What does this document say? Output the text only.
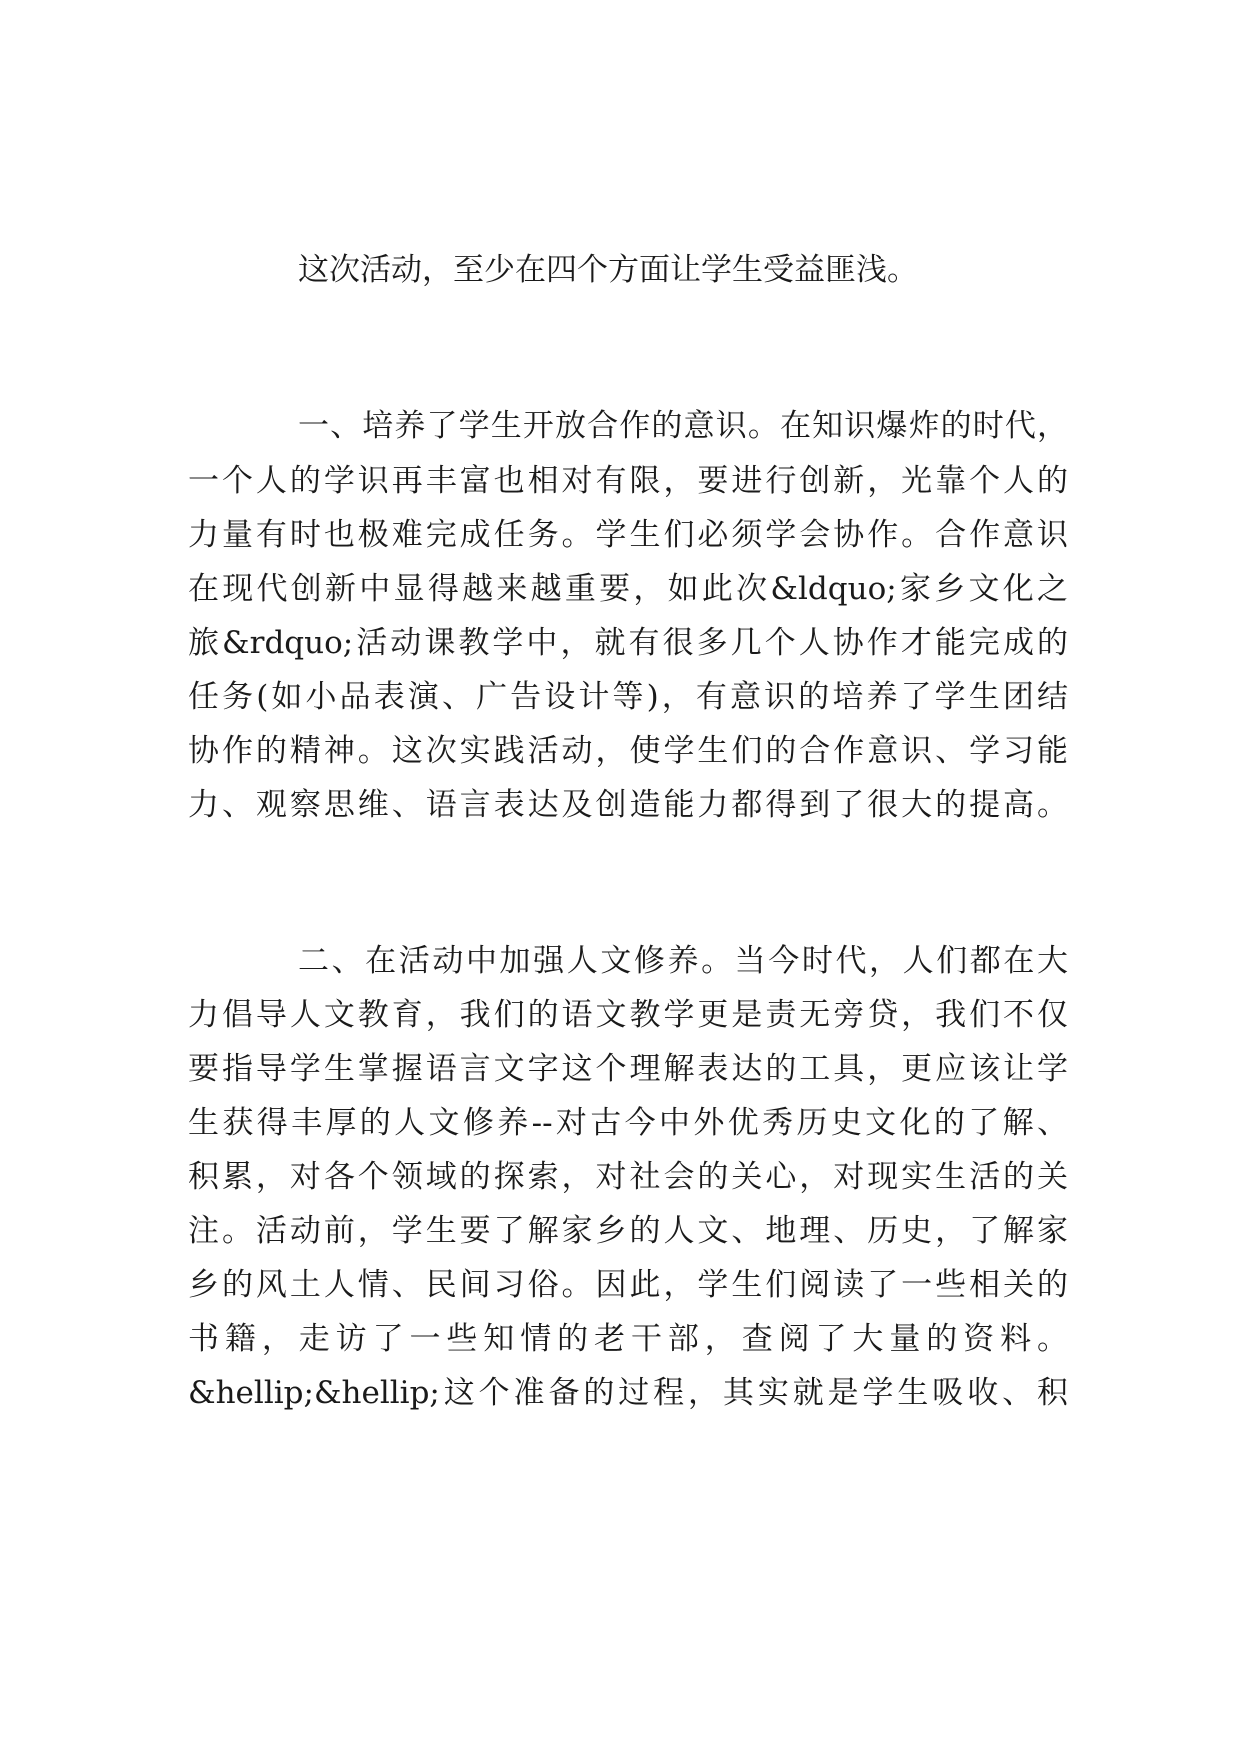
这次活动，至少在四个方面让学生受益匪浅。

一、培养了学生开放合作的意识。在知识爆炸的时代，

一个人的学识再丰富也相对有限，要进行创新，光靠个人的

力量有时也极难完成任务。学生们必须学会协作。合作意识

在现代创新中显得越来越重要，如此次&ldquo;家乡文化之

旅&rdquo;活动课教学中，就有很多几个人协作才能完成的

任务(如小品表演、广告设计等)，有意识的培养了学生团结

协作的精神。这次实践活动，使学生们的合作意识、学习能

力、观察思维、语言表达及创造能力都得到了很大的提高。

二、在活动中加强人文修养。当今时代，人们都在大

力倡导人文教育，我们的语文教学更是责无旁贷，我们不仅

要指导学生掌握语言文字这个理解表达的工具，更应该让学

生获得丰厚的人文修养--对古今中外优秀历史文化的了解、

积累，对各个领域的探索，对社会的关心，对现实生活的关

注。活动前，学生要了解家乡的人文、地理、历史，了解家

乡的风土人情、民间习俗。因此，学生们阅读了一些相关的

书籍，走访了一些知情的老干部，查阅了大量的资料。

&hellip;&hellip;这个准备的过程，其实就是学生吸收、积
